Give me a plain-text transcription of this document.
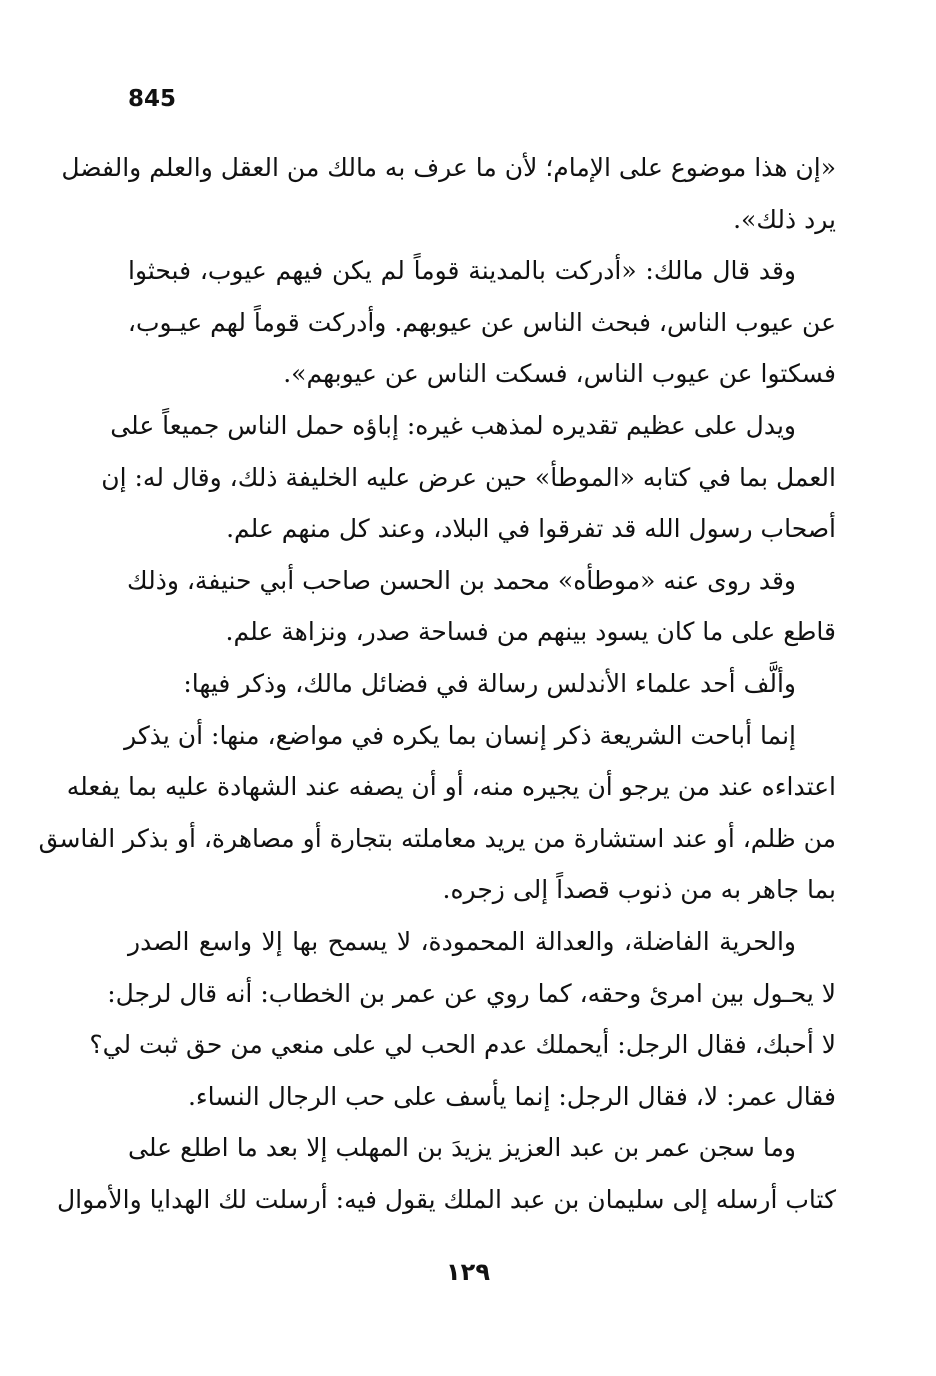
845
«إن هذا موضوع على الإمام؛ لأن ما عرف به مالك من العقل والعلم والفضل
يرد ذلك».
وقد قال مالك: «أدركت بالمدينة قوماً لم يكن فيهم عيوب، فبحثوا
عن عيوب الناس، فبحث الناس عن عيوبهم. وأدركت قوماً لهم عيـوب،
فسكتوا عن عيوب الناس، فسكت الناس عن عيوبهم».
ويدل على عظيم تقديره لمذهب غيره: إباؤه حمل الناس جميعاً على
العمل بما في كتابه «الموطأ» حين عرض عليه الخليفة ذلك، وقال له: إن
أصحاب رسول الله قد تفرقوا في البلاد، وعند كل منهم علم.
وقد روى عنه «موطأه» محمد بن الحسن صاحب أبي حنيفة، وذلك
قاطع على ما كان يسود بينهم من فساحة صدر، ونزاهة علم.
وألَّف أحد علماء الأندلس رسالة في فضائل مالك، وذكر فيها:
إنما أباحت الشريعة ذكر إنسان بما يكره في مواضع، منها: أن يذكر
اعتداءه عند من يرجو أن يجيره منه، أو أن يصفه عند الشهادة عليه بما يفعله
من ظلم، أو عند استشارة من يريد معاملته بتجارة أو مصاهرة، أو بذكر الفاسق
بما جاهر به من ذنوب قصداً إلى زجره.
والحرية الفاضلة، والعدالة المحمودة، لا يسمح بها إلا واسع الصدر
لا يحـول بين امرئ وحقه، كما روي عن عمر بن الخطاب: أنه قال لرجل:
لا أحبك، فقال الرجل: أيحملك عدم الحب لي على منعي من حق ثبت لي؟
فقال عمر: لا، فقال الرجل: إنما يأسف على حب الرجال النساء.
وما سجن عمر بن عبد العزيز يزيدَ بن المهلب إلا بعد ما اطلع على
كتاب أرسله إلى سليمان بن عبد الملك يقول فيه: أرسلت لك الهدايا والأموال
١٢٩
